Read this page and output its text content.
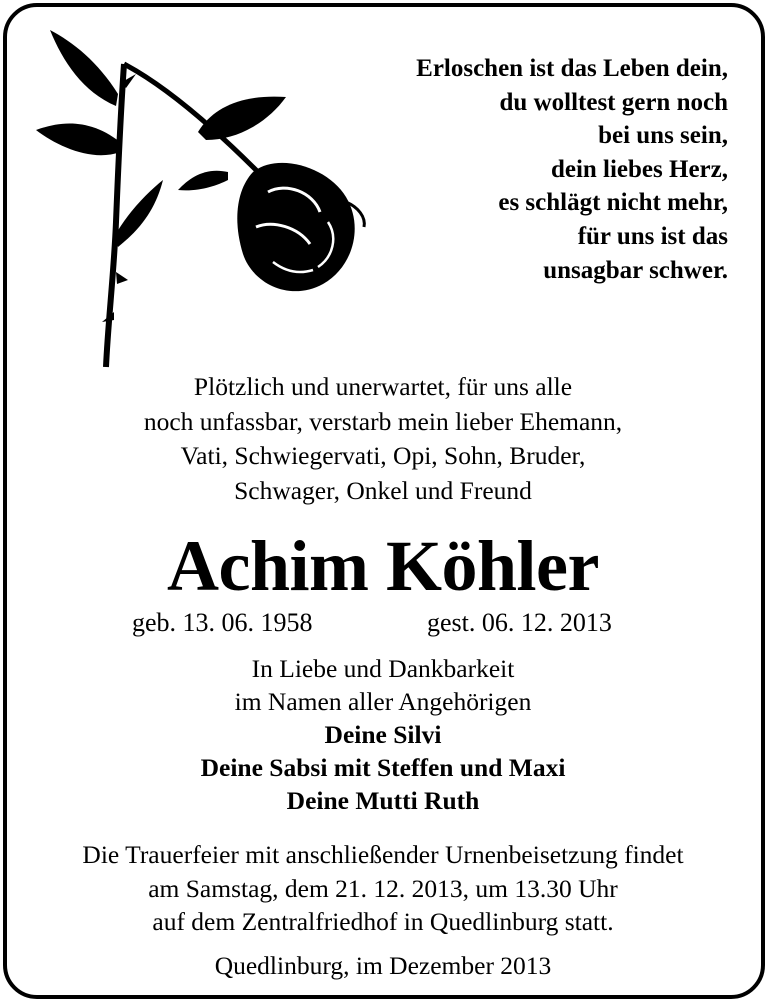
Erloschen ist das Leben dein,
du wolltest gern noch
bei uns sein,
dein liebes Herz,
es schlägt nicht mehr,
für uns ist das
unsagbar schwer.
Plötzlich und unerwartet, für uns alle
noch unfassbar, verstarb mein lieber Ehemann,
Vati, Schwiegervati, Opi, Sohn, Bruder,
Schwager, Onkel und Freund
Achim Köhler
geb. 13. 06. 1958	gest. 06. 12. 2013
In Liebe und Dankbarkeit
im Namen aller Angehörigen
Deine Silvi
Deine Sabsi mit Steffen und Maxi
Deine Mutti Ruth
Die Trauerfeier mit anschließender Urnenbeisetzung findet
am Samstag, dem 21. 12. 2013, um 13.30 Uhr
auf dem Zentralfriedhof in Quedlinburg statt.
Quedlinburg, im Dezember 2013
